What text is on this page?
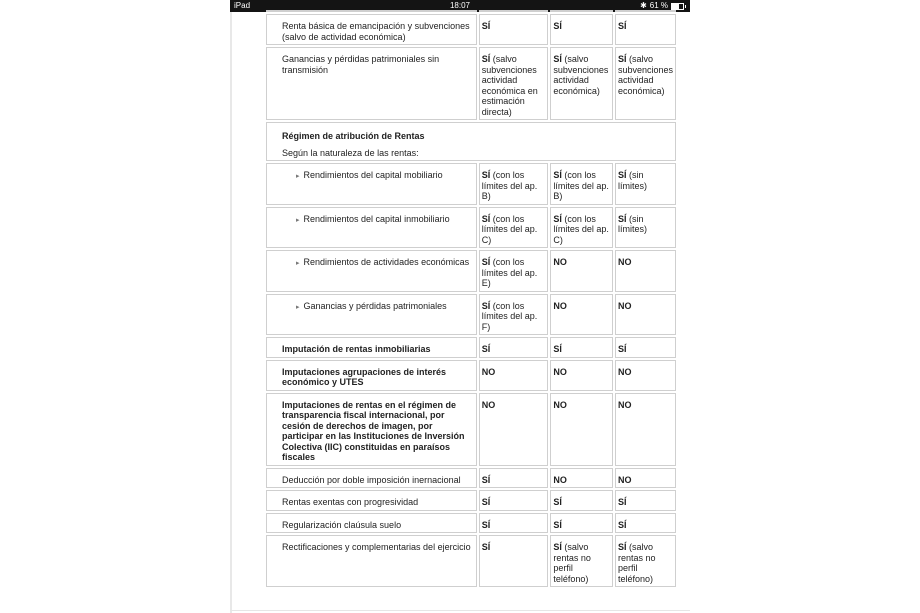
iPad	18:07	✱ 61 %

Renta básica de emancipación y subvenciones (salvo de actividad económica)	SÍ	SÍ	SÍ
Ganancias y pérdidas patrimoniales sin transmisión	SÍ (salvo subvenciones actividad económica en estimación directa)	SÍ (salvo subvenciones actividad económica)	SÍ (salvo subvenciones actividad económica)

Régimen de atribución de Rentas
Según la naturaleza de las rentas:			

▸ Rendimientos del capital mobiliario	SÍ (con los límites del ap. B)	SÍ (con los límites del ap. B)	SÍ (sin límites)
▸ Rendimientos del capital inmobiliario	SÍ (con los límites del ap. C)	SÍ (con los límites del ap. C)	SÍ (sin límites)
▸ Rendimientos de actividades económicas	SÍ (con los límites del ap. E)	NO	NO
▸ Ganancias y pérdidas patrimoniales	SÍ (con los límites del ap. F)	NO	NO
Imputación de rentas inmobiliarias	SÍ	SÍ	SÍ
Imputaciones agrupaciones de interés económico y UTES	NO	NO	NO
Imputaciones de rentas en el régimen de transparencia fiscal internacional, por cesión de derechos de imagen, por participar en las Instituciones de Inversión Colectiva (IIC) constituidas en paraísos fiscales	NO	NO	NO
Deducción por doble imposición inernacional	SÍ	NO	NO
Rentas exentas con progresividad	SÍ	SÍ	SÍ
Regularización claúsula suelo	SÍ	SÍ	SÍ
Rectificaciones y complementarias del ejercicio	SÍ	SÍ (salvo rentas no perfil teléfono)	SÍ (salvo rentas no perfil teléfono)
